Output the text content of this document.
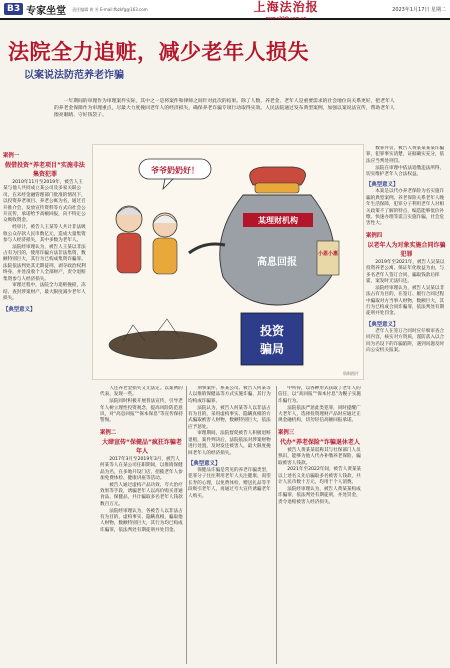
B3 专家坐堂 责任编辑 黄 芳 E-mail:fbzkfg@163.com	上海法治报
www.shfzb.com.cn
2023年1月17日 星期二
法院全力追赃，减少老年人损失
以案说法防范养老诈骗

一年期间的审理作为审理案件实际，其中之一是将案件和律师之间针对此次的结果。除了人数、养老金、老年人是重要需求的社会地位向关系更好，把老年人的养老金保障作为审理重点，尽最大力度挽回老年人的经济损失，确保养老诈骗专项行动取得实效。人民法院通过发布典型案例，加强以案说法宣传，帮助老年人擦亮眼睛、守好钱袋子。

案例一
假借投资“养老项目”实施非法集资犯罪

2010年11月至2019年，被告人王某与他人共同成立某公司及多家关联公司，在未经金融管理部门批准的情况下，以投资养老项目、养老公寓为名，通过召开推介会、发放宣传资料等方式向社会公开宣传，承诺给予高额回报，向不特定公众吸收资金。

经审计，被告人王某等人共计非法吸收公众存款人民币数亿元，造成大量集资参与人经济损失，其中多数为老年人。

法院经审理认为，被告人王某以非法占有为目的，使用诈骗方法非法集资，数额特别巨大，其行为已构成集资诈骗罪。法院依法判处其无期徒刑，剥夺政治权利终身，并处没收个人全部财产，责令退赔集资参与人经济损失。

审理过程中，法院全力追赃挽损，冻结、查封涉案财产，最大限度减少老年人损失。

【典型意义】
爷爷奶奶好！
某理财机构
高息回报
小恩小惠
投资
骗局
资料图片

人还养老金损失又无法定。以案例的代表，发现一些。

法院同时积极开展普法宣传，引导老年人树立理性投资观念，提高风险防范意识，对“高息回报”“保本保息”等宣传保持警惕。

案例二
大肆宣传“保健品”疯狂诈骗老年人

2017年3月至2019年3月，被告人何某等人在某公司任职期间，以推销保健品为名，在多地开设门店，招揽老年人参加免费体检、健康讲座等活动。

被告人通过虚构产品功效、夸大治疗效果等手段，诱骗老年人以高价购买普通食品、保健品，共计骗取多名老年人钱款数百万元。

法院经审理认为，各被告人以非法占有为目的，虚构事实、隐瞒真相，骗取他人财物，数额特别巨大，其行为均已构成诈骗罪，依法判处有期徒刑并处罚金。

刑事案件，系某公司。被告人何某等人以推销保健品等方式实施诈骗，其行为均构成诈骗罪。

法院认为，被告人何某等人以非法占有为目的，采用虚构事实、隐瞒真相的方式骗取被害人财物，数额特别巨大，依法应予惩处。

审理期间，法院督促被告人积极退赃退赔，案件判决后，法院依法对涉案财物进行处置，及时发还被害人，最大限度挽回老年人的经济损失。

【典型意义】

保健品诈骗是常见的养老诈骗类型，犯罪分子往往利用老年人关注健康、渴望长寿的心理，以免费体检、赠送礼品等手段吸引老年人，再通过夸大宣传诱骗老年人购买。

中所得，以各种形式获取了老年人的信任，以“高回报”“保本付息”为幌子实施诈骗行为。

法院依法严惩此类犯罪，同时提醒广大老年人，选择投资理财产品时应通过正规金融机构，切勿轻信高额回报承诺。

案例三
代办“养老保险”诈骗退休老人

被告人黄某某谎称其与社保部门人员熟识，能够为他人代办补缴养老保险，骗取被害人钱款。

2021年至2022年间，被告人黄某某以上述名义先后骗取多名被害人钱款，共计人民币数十万元，均用于个人消费。

法院经审理认为，被告人黄某某构成诈骗罪，依法判处有期徒刑，并处罚金，责令退赔被害人经济损失。

数罪并罚，被告人黄某某某某诈骗罪，犯罪事实清楚，证据确实充分，依法应当判处刑罚。

法院在审理中依法追缴违法所得，切实维护老年人合法权益。

【典型意义】

本案是以代办养老保险为名实施诈骗的典型案例。养老保险关系老年人晚年生活保障，犯罪分子利用老年人对相关政策不了解的特点，编造能够低价补缴、快速办理等谎言实施诈骗，社会危害性大。

案例四
以老年人为对象实施合同诈骗犯罪

2019年至2021年，被告人吴某以投资养老公寓、保证年化收益为由，与多名老年人签订合同，骗取钱款后挥霍，案发时无法归还。

法院经审理认为，被告人吴某以非法占有为目的，在签订、履行合同过程中骗取对方当事人财物，数额巨大，其行为已构成合同诈骗罪，依法判处有期徒刑并处罚金。

【典型意义】

老年人在签订合同时应仔细审查合同内容，核实对方资质，谨防落入以合同为名设下的诈骗陷阱，遇到问题及时向公安机关报案。
